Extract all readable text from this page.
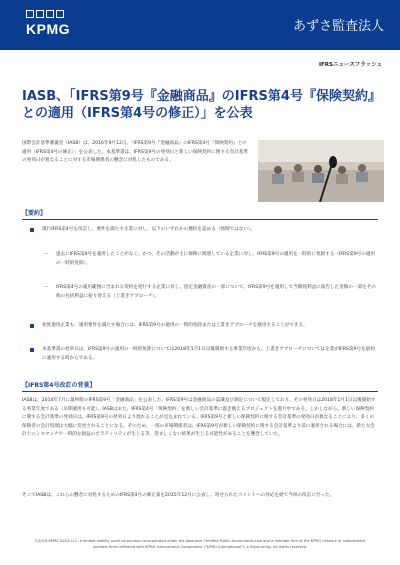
KPMG	あずさ監査法人
IFRSニュースフラッシュ
IASB、「IFRS第9号『金融商品』のIFRS第4号『保険契約』との適用（IFRS第4号の修正）」を公表
国際会計基準審議会（IASB）は、2016年9月12日、「IFRS第9号『金融商品』のIFRS第4号『保険契約』との適用（IFRS第4号の修正）」を公表した。本基準書は、IFRS第9号の発効日と新しい保険契約に関する会計基準の発効日が異なることに対する市場関係者の懸念に対処したものである。
【要約】
現行IFRS第4号を改訂し、要件を満たす企業に対し、以下のいずれかの選択を認める（強制ではない）。
— 過去にIFRS第9号を適用したことがなく、かつ、その活動が主に保険に関連している企業に対し、IFRS第9号の適用を一時的に免除する（IFRS第9号の適用の一時的免除）。
— IFRS第4号の適用範囲に含まれる契約を発行する企業に対し、指定金融資産の一部について、IFRS第9号を適用して当期純利益に報告した金額の一部をその他の包括利益に振り替える（上書きアプローチ）。
初度適用企業も、適用要件を満たす場合には、IFRS第9号の適用の一時的免除または上書きアプローチを適用することができる。
本基準書の発効日は、IFRS第9号の適用の一時的免除については2018年1月1日以後開始する事業年度から、上書きアプローチについては企業がIFRS第9号を最初に適用する時からである。
【IFRS第4号改訂の背景】
IASBは、2014年7月に最終版のIFRS第9号「金融商品」を公表した。IFRS第9号は金融商品の認識及び測定について規定しており、その発効日は2018年1月1日以後開始する事業年度である（早期適用も可能）。IASBはまた、IFRS第4号「保険契約」を新しい会計基準に置き換えるプロジェクトを進行中である。しかしながら、新しい保険契約に関する会計基準の発効日は、IFRS第9号の発効日より遅れることが見込まれている。IFRS第9号と新しい保険契約に関する会計基準の発効日が異なることにより、多くの保険者の会計処理は大幅に変更されることになる。そのため、一部の市場関係者は、IFRS第9号が新しい保険契約に関する会計基準より前に適用される場合には、新たな会計上のミスマッチや一時的な損益のボラティリティが生じる等、望ましくない結果が生じる可能性があることを懸念していた。
そこでIASBは、これらの懸念に対処するためのIFRS第4号の修正案を2015年12月に公表し、寄せられたコメントへの対応を経て今回の改訂に至った。
©2016 KPMG AZSA LLC, a limited liability audit corporation incorporated under the Japanese Certified Public Accountants Law and a member firm of the KPMG network of independent member firms affiliated with KPMG International Cooperative ("KPMG International"), a Swiss entity. All rights reserved.
